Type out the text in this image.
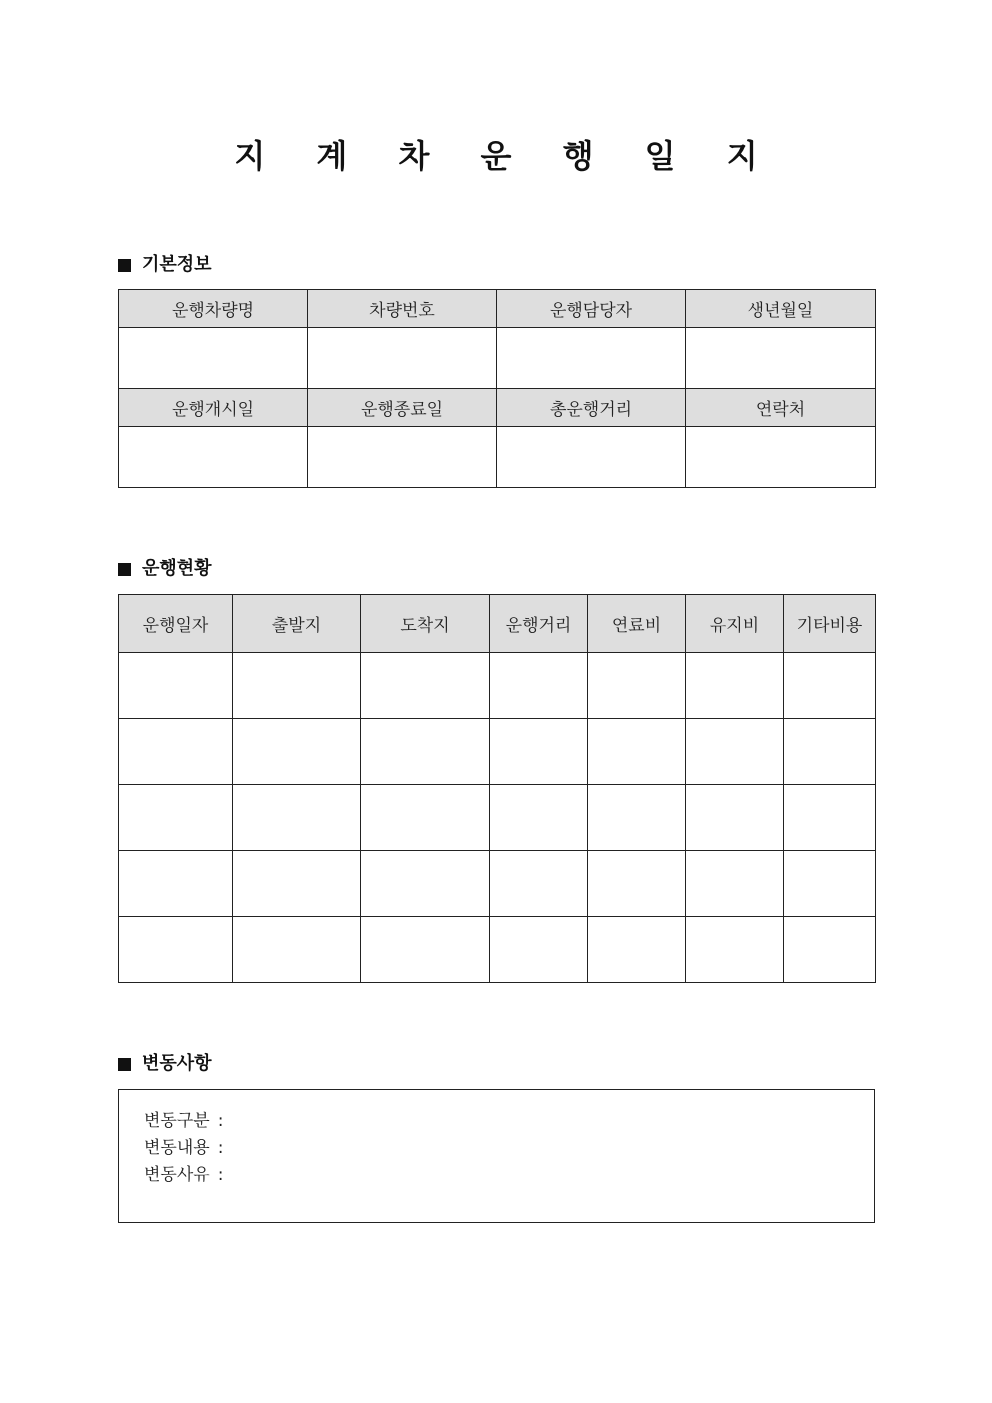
지 계 차 운 행 일 지
기본정보
운행차량명	차량번호	운행담당자	생년월일

운행개시일	운행종료일	총운행거리	연락처

운행현황
운행일자	출발지	도착지	운행거리	연료비	유지비	기타비용

변동사항
변동구분 :
변동내용 :
변동사유 :
